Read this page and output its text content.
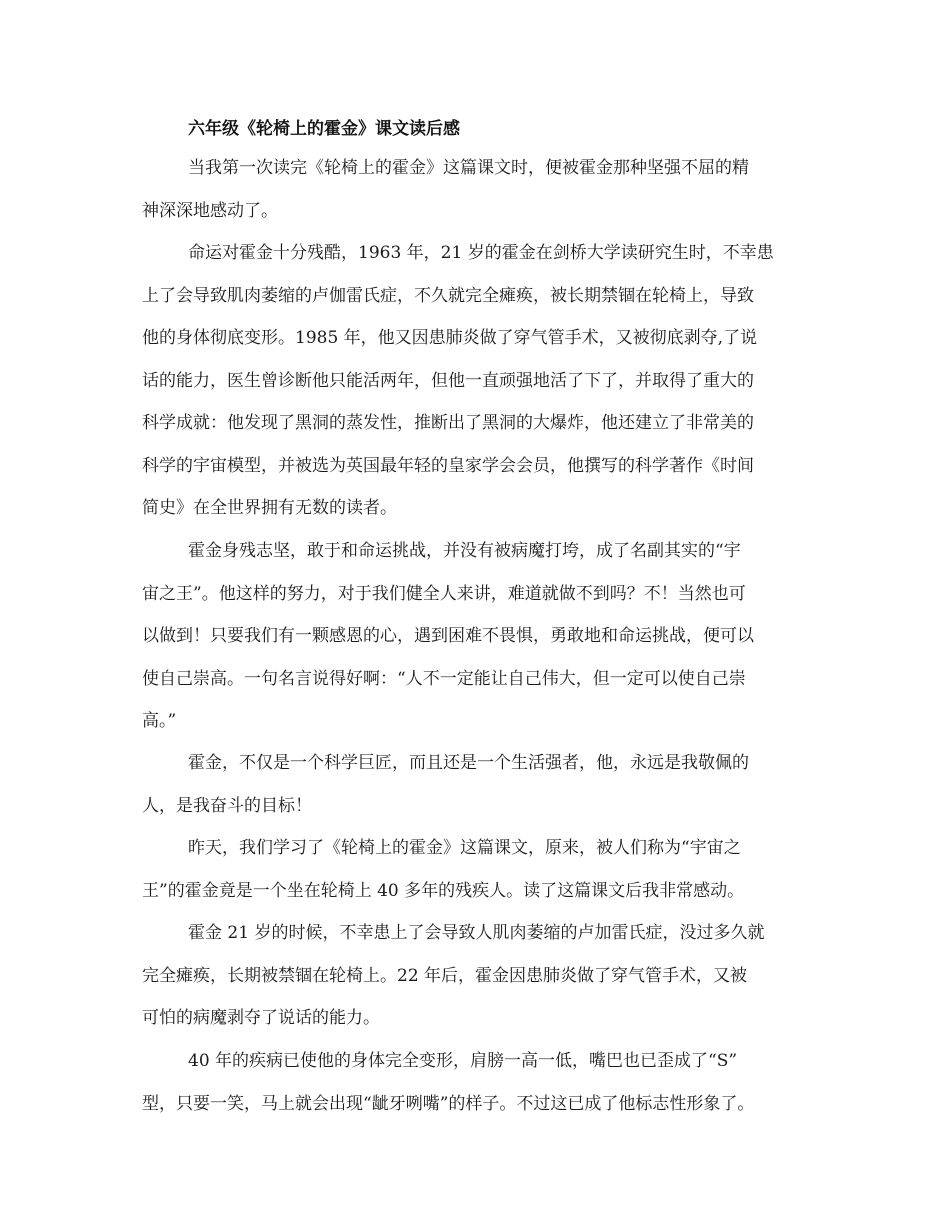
六年级《轮椅上的霍金》课文读后感

当我第一次读完《轮椅上的霍金》这篇课文时，便被霍金那种坚强不屈的精
神深深地感动了。

命运对霍金十分残酷，1963 年，21 岁的霍金在剑桥大学读研究生时，不幸患
上了会导致肌肉萎缩的卢伽雷氏症，不久就完全瘫痪，被长期禁锢在轮椅上，导致
他的身体彻底变形。1985 年，他又因患肺炎做了穿气管手术，又被彻底剥夺,了说
话的能力，医生曾诊断他只能活两年，但他一直顽强地活了下了，并取得了重大的
科学成就：他发现了黑洞的蒸发性，推断出了黑洞的大爆炸，他还建立了非常美的
科学的宇宙模型，并被选为英国最年轻的皇家学会会员，他撰写的科学著作《时间
简史》在全世界拥有无数的读者。

霍金身残志坚，敢于和命运挑战，并没有被病魔打垮，成了名副其实的“宇
宙之王”。他这样的努力，对于我们健全人来讲，难道就做不到吗？不！当然也可
以做到！只要我们有一颗感恩的心，遇到困难不畏惧，勇敢地和命运挑战，便可以
使自己崇高。一句名言说得好啊：“人不一定能让自己伟大，但一定可以使自己崇
高。”

霍金，不仅是一个科学巨匠，而且还是一个生活强者，他，永远是我敬佩的
人，是我奋斗的目标！

昨天，我们学习了《轮椅上的霍金》这篇课文，原来，被人们称为“宇宙之
王”的霍金竟是一个坐在轮椅上 40 多年的残疾人。读了这篇课文后我非常感动。

霍金 21 岁的时候，不幸患上了会导致人肌肉萎缩的卢加雷氏症，没过多久就
完全瘫痪，长期被禁锢在轮椅上。22 年后，霍金因患肺炎做了穿气管手术，又被
可怕的病魔剥夺了说话的能力。

40 年的疾病已使他的身体完全变形，肩膀一高一低，嘴巴也已歪成了“S”
型，只要一笑，马上就会出现“龇牙咧嘴”的样子。不过这已成了他标志性形象了。
